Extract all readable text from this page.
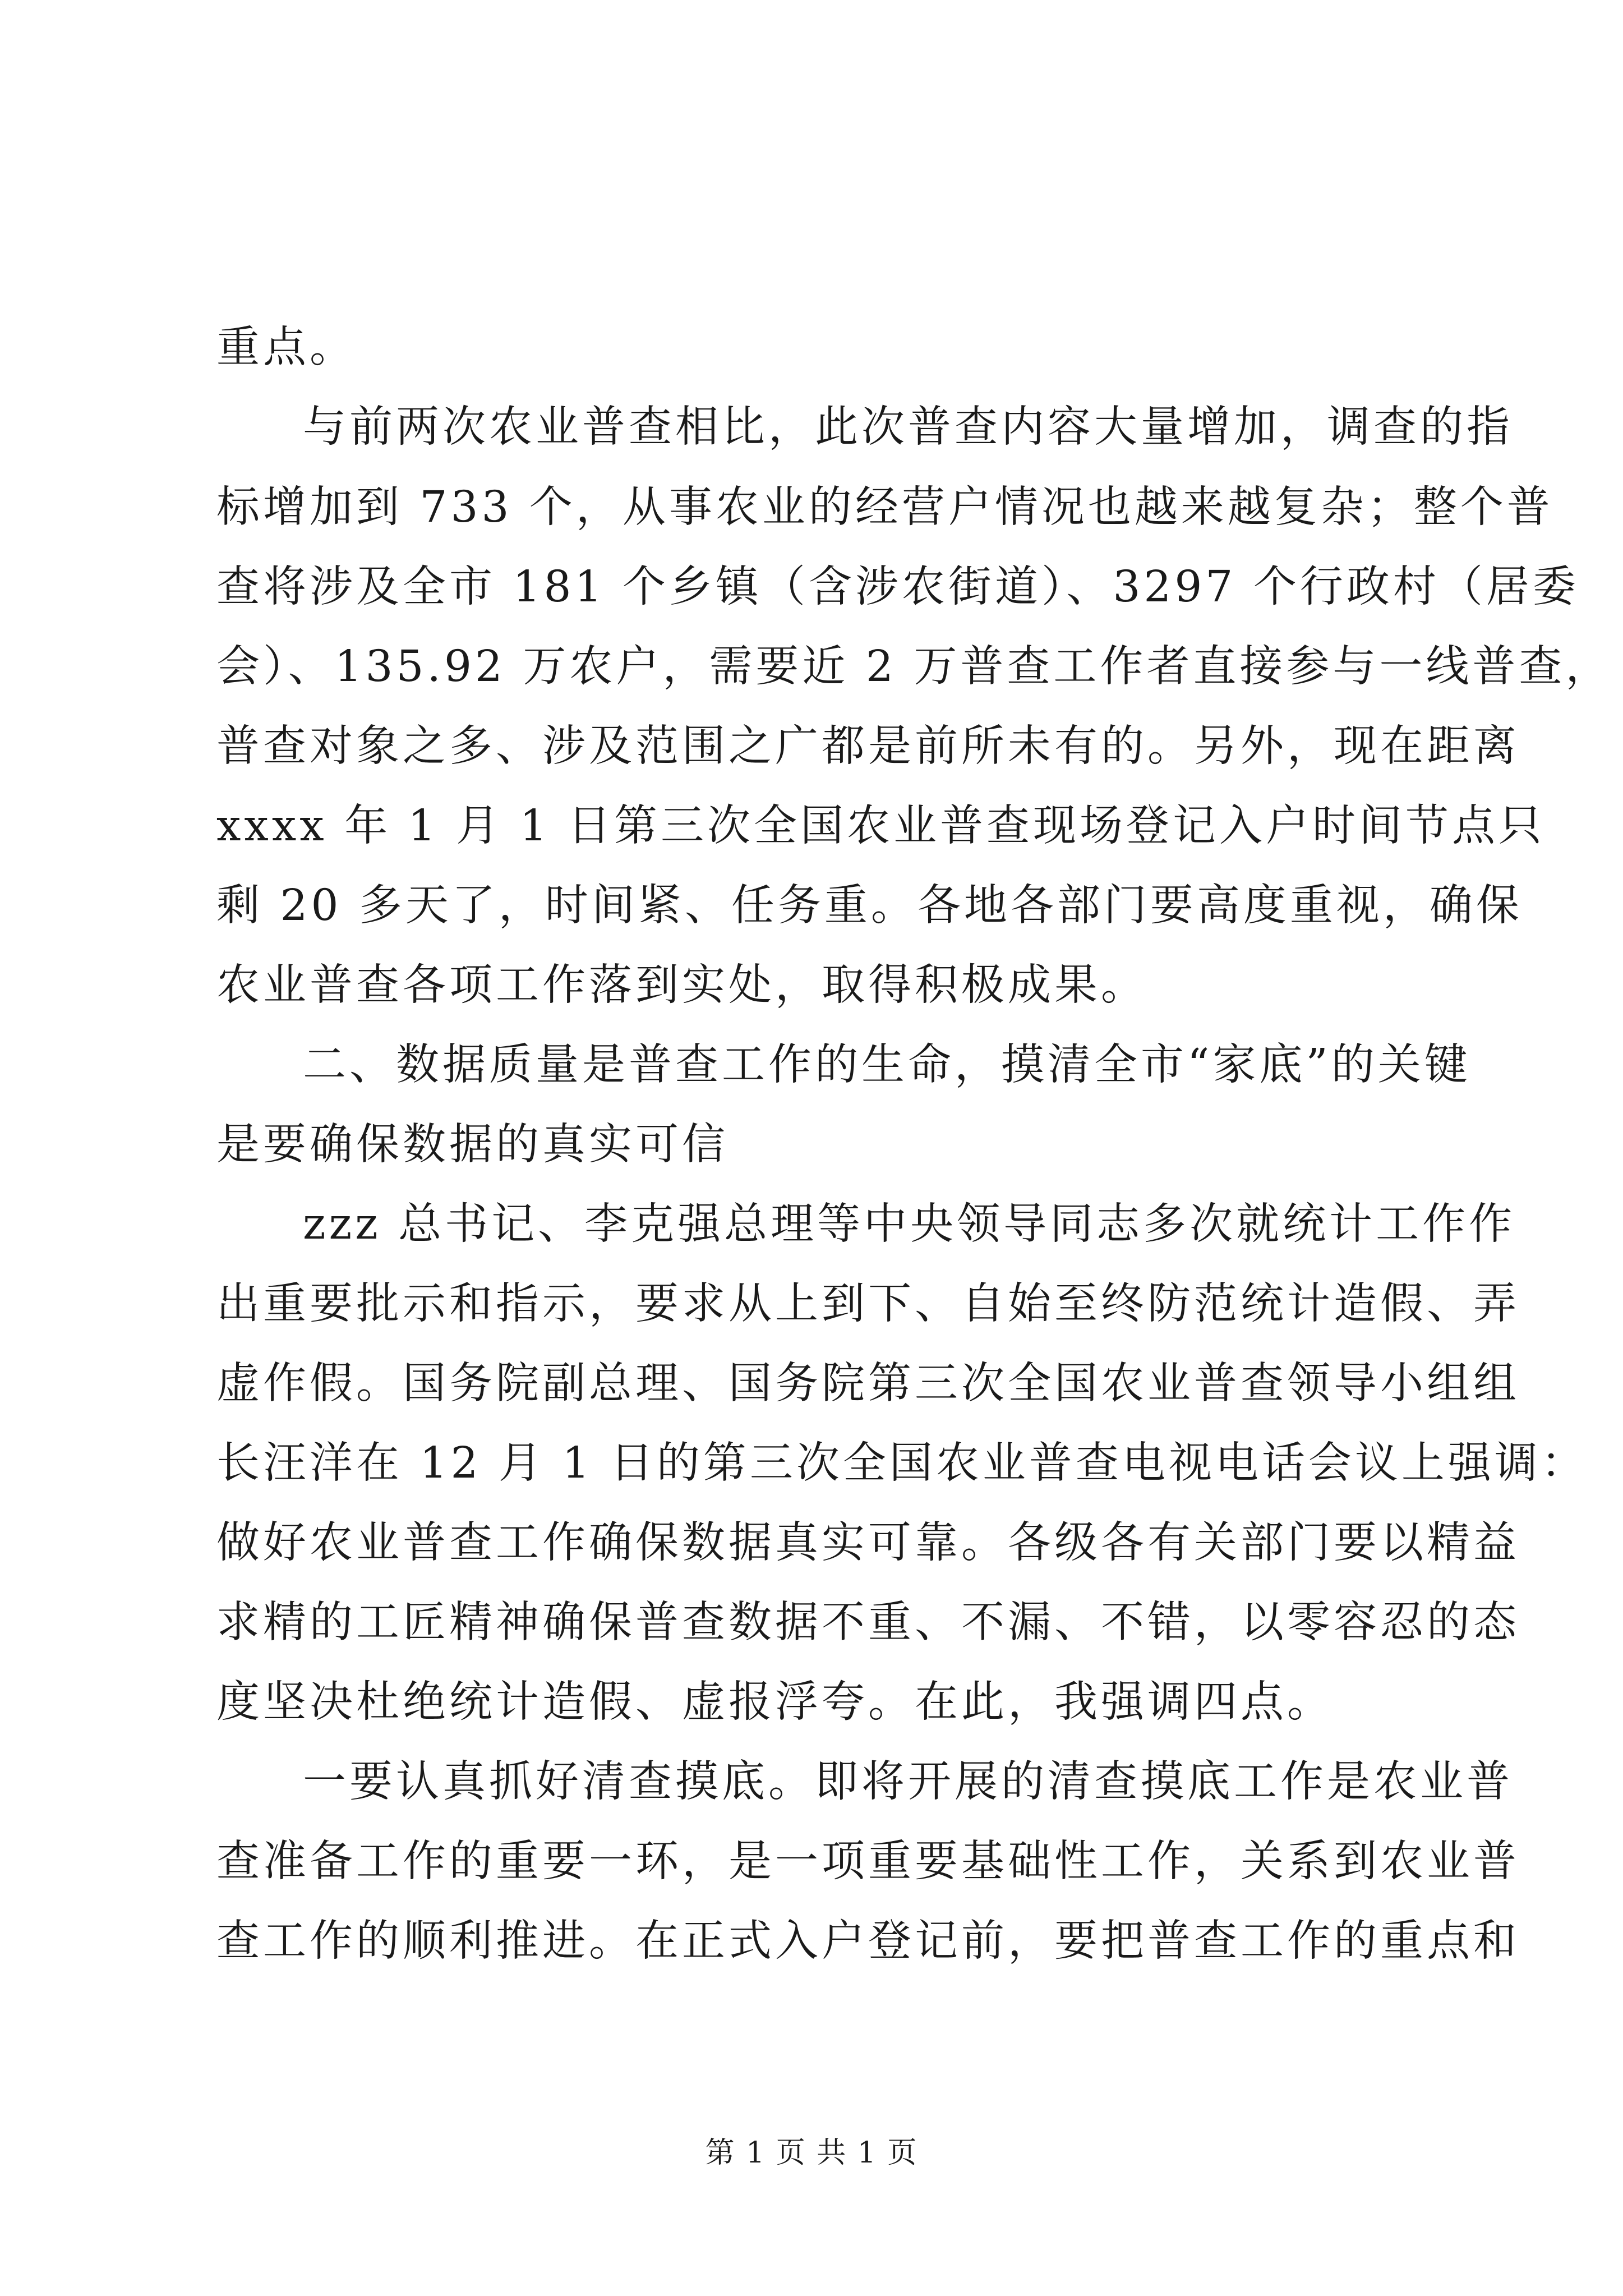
重点。
与前两次农业普查相比，此次普查内容大量增加，调查的指
标增加到 733 个，从事农业的经营户情况也越来越复杂；整个普
查将涉及全市 181 个乡镇（含涉农街道）、3297 个行政村（居委
会）、135.92 万农户，需要近 2 万普查工作者直接参与一线普查，
普查对象之多、涉及范围之广都是前所未有的。另外，现在距离
xxxx 年 1 月 1 日第三次全国农业普查现场登记入户时间节点只
剩 20 多天了，时间紧、任务重。各地各部门要高度重视，确保
农业普查各项工作落到实处，取得积极成果。
二、数据质量是普查工作的生命，摸清全市“家底”的关键
是要确保数据的真实可信
zzz 总书记、李克强总理等中央领导同志多次就统计工作作
出重要批示和指示，要求从上到下、自始至终防范统计造假、弄
虚作假。国务院副总理、国务院第三次全国农业普查领导小组组
长汪洋在 12 月 1 日的第三次全国农业普查电视电话会议上强调：
做好农业普查工作确保数据真实可靠。各级各有关部门要以精益
求精的工匠精神确保普查数据不重、不漏、不错，以零容忍的态
度坚决杜绝统计造假、虚报浮夸。在此，我强调四点。
一要认真抓好清查摸底。即将开展的清查摸底工作是农业普
查准备工作的重要一环，是一项重要基础性工作，关系到农业普
查工作的顺利推进。在正式入户登记前，要把普查工作的重点和
第 1 页 共 1 页
